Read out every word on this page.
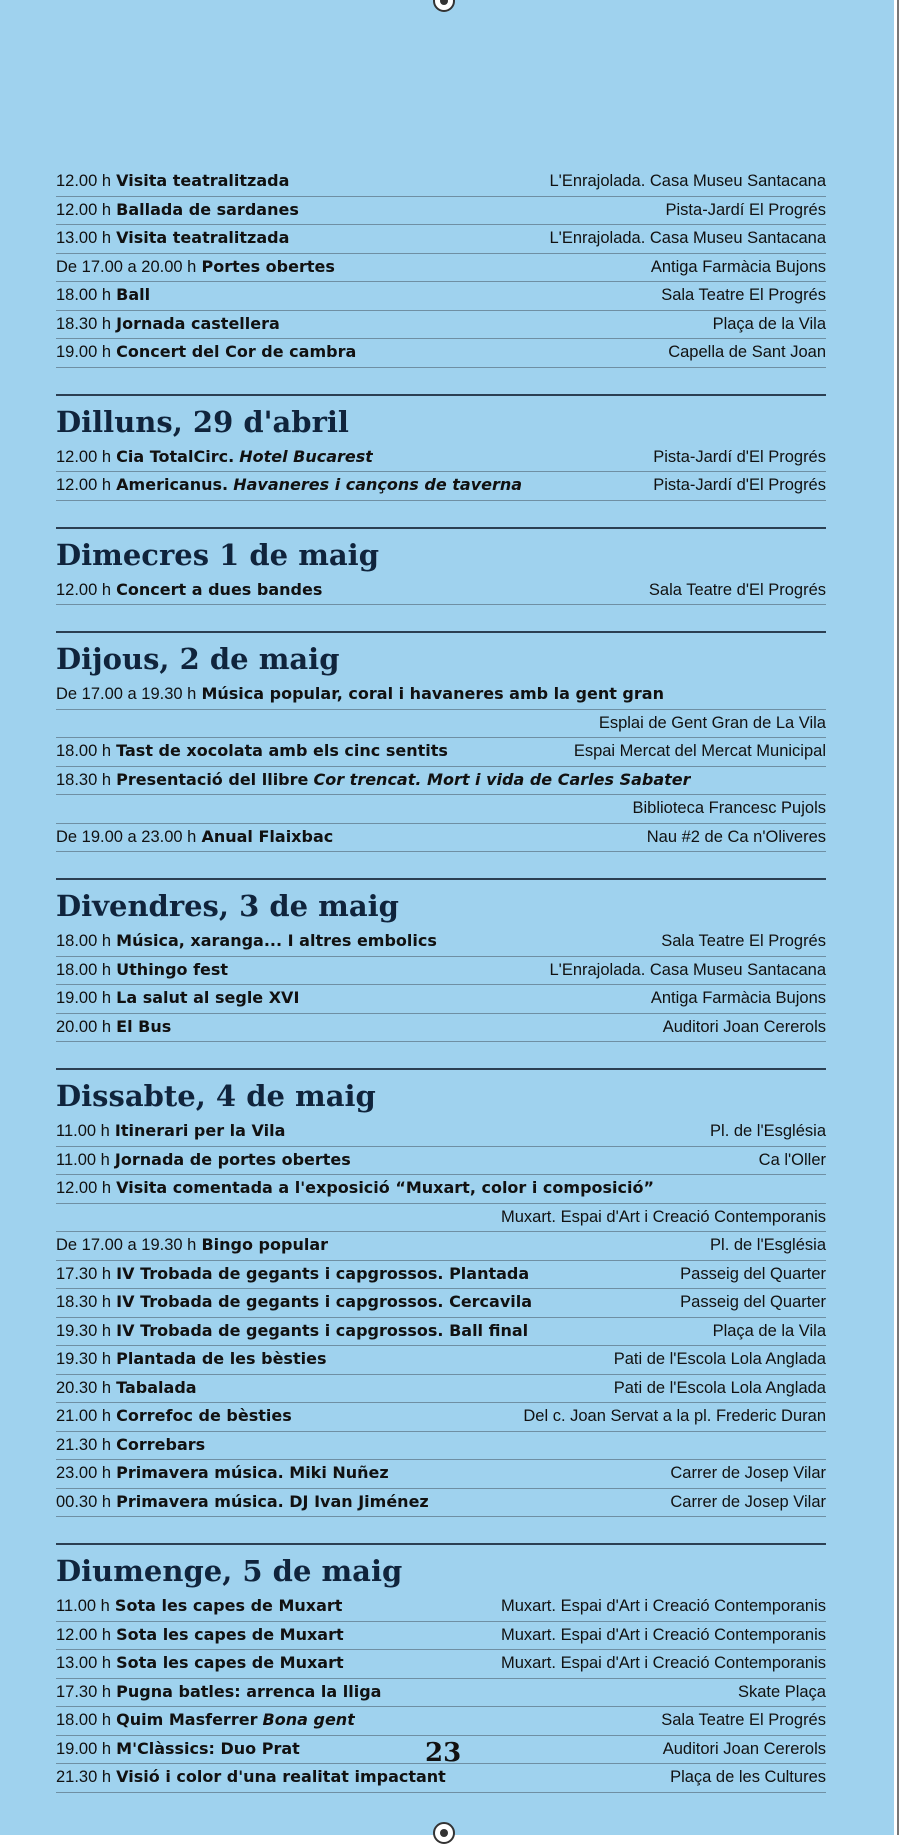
12.00 h Visita teatralitzada	L'Enrajolada. Casa Museu Santacana
12.00 h Ballada de sardanes	Pista-Jardí El Progrés
13.00 h Visita teatralitzada	L'Enrajolada. Casa Museu Santacana
De 17.00 a 20.00 h Portes obertes	Antiga Farmàcia Bujons
18.00 h Ball	Sala Teatre El Progrés
18.30 h Jornada castellera	Plaça de la Vila
19.00 h Concert del Cor de cambra	Capella de Sant Joan
Dilluns, 29 d'abril
12.00 h Cia TotalCirc. Hotel Bucarest	Pista-Jardí d'El Progrés
12.00 h Americanus. Havaneres i cançons de taverna	Pista-Jardí d'El Progrés
Dimecres 1 de maig
12.00 h Concert a dues bandes	Sala Teatre d'El Progrés
Dijous, 2 de maig
De 17.00 a 19.30 h Música popular, coral i havaneres amb la gent gran
Esplai de Gent Gran de La Vila
18.00 h Tast de xocolata amb els cinc sentits	Espai Mercat del Mercat Municipal
18.30 h Presentació del llibre Cor trencat. Mort i vida de Carles Sabater
Biblioteca Francesc Pujols
De 19.00 a 23.00 h Anual Flaixbac	Nau #2 de Ca n'Oliveres
Divendres, 3 de maig
18.00 h Música, xaranga... I altres embolics	Sala Teatre El Progrés
18.00 h Uthingo fest	L'Enrajolada. Casa Museu Santacana
19.00 h La salut al segle XVI	Antiga Farmàcia Bujons
20.00 h El Bus	Auditori Joan Cererols
Dissabte, 4 de maig
11.00 h Itinerari per la Vila	Pl. de l'Església
11.00 h Jornada de portes obertes	Ca l'Oller
12.00 h Visita comentada a l'exposició “Muxart, color i composició”
Muxart. Espai d'Art i Creació Contemporanis
De 17.00 a 19.30 h Bingo popular	Pl. de l'Església
17.30 h IV Trobada de gegants i capgrossos. Plantada	Passeig del Quarter
18.30 h IV Trobada de gegants i capgrossos. Cercavila	Passeig del Quarter
19.30 h IV Trobada de gegants i capgrossos. Ball final	Plaça de la Vila
19.30 h Plantada de les bèsties	Pati de l'Escola Lola Anglada
20.30 h Tabalada	Pati de l'Escola Lola Anglada
21.00 h Correfoc de bèsties	Del c. Joan Servat a la pl. Frederic Duran
21.30 h Correbars
23.00 h Primavera música. Miki Nuñez	Carrer de Josep Vilar
00.30 h Primavera música. DJ Ivan Jiménez	Carrer de Josep Vilar
Diumenge, 5 de maig
11.00 h Sota les capes de Muxart	Muxart. Espai d'Art i Creació Contemporanis
12.00 h Sota les capes de Muxart	Muxart. Espai d'Art i Creació Contemporanis
13.00 h Sota les capes de Muxart	Muxart. Espai d'Art i Creació Contemporanis
17.30 h Pugna batles: arrenca la lliga	Skate Plaça
18.00 h Quim Masferrer Bona gent	Sala Teatre El Progrés
19.00 h M'Clàssics: Duo Prat	Auditori Joan Cererols
21.30 h Visió i color d'una realitat impactant	Plaça de les Cultures
23
